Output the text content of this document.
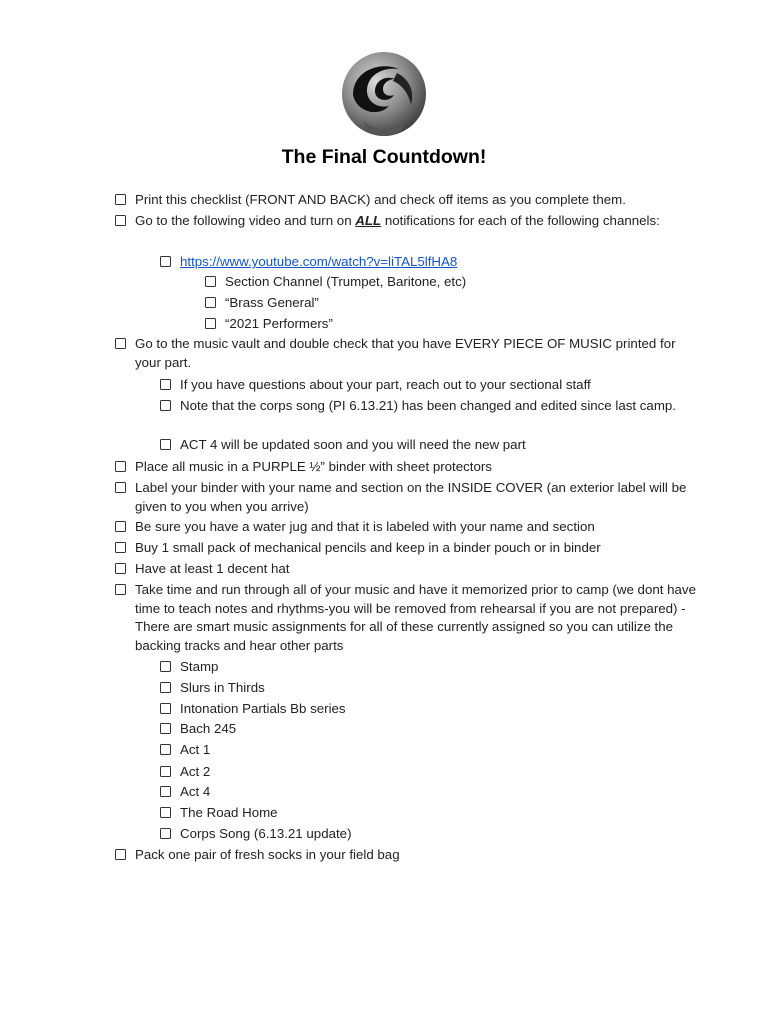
The Final Countdown!
Print this checklist (FRONT AND BACK) and check off items as you complete them.
Go to the following video and turn on ALL notifications for each of the following channels:
https://www.youtube.com/watch?v=liTAL5lfHA8
Section Channel (Trumpet, Baritone, etc)
“Brass General”
“2021 Performers”
Go to the music vault and double check that you have EVERY PIECE OF MUSIC printed for your part.
If you have questions about your part, reach out to your sectional staff
Note that the corps song (PI 6.13.21) has been changed and edited since last camp.
ACT 4 will be updated soon and you will need the new part
Place all music in a PURPLE ½” binder with sheet protectors
Label your binder with your name and section on the INSIDE COVER (an exterior label will be given to you when you arrive)
Be sure you have a water jug and that it is labeled with your name and section
Buy 1 small pack of mechanical pencils and keep in a binder pouch or in binder
Have at least 1 decent hat
Take time and run through all of your music and have it memorized prior to camp (we dont have time to teach notes and rhythms-you will be removed from rehearsal if you are not prepared) - There are smart music assignments for all of these currently assigned so you can utilize the backing tracks and hear other parts
Stamp
Slurs in Thirds
Intonation Partials Bb series
Bach 245
Act 1
Act 2
Act 4
The Road Home
Corps Song (6.13.21 update)
Pack one pair of fresh socks in your field bag
